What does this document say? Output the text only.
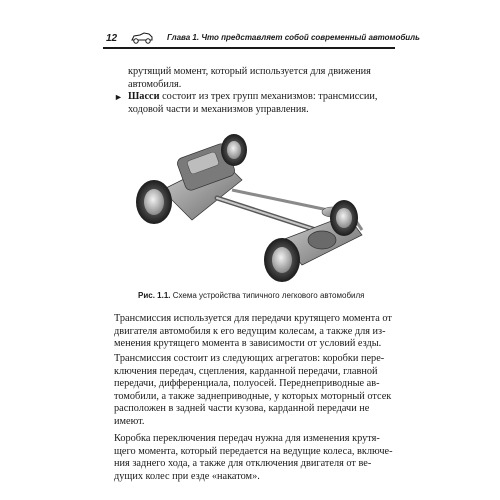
12	Глава 1. Что представляет собой современный автомобиль
крутящий момент, который используется для движения
автомобиля.
► Шасси состоит из трех групп механизмов: трансмиссии,
ходовой части и механизмов управления.
Рис. 1.1. Схема устройства типичного легкового автомобиля
Трансмиссия используется для передачи крутящего момента от
двигателя автомобиля к его ведущим колесам, а также для из-
менения крутящего момента в зависимости от условий езды.
Трансмиссия состоит из следующих агрегатов: коробки пере-
ключения передач, сцепления, карданной передачи, главной
передачи, дифференциала, полуосей. Переднеприводные ав-
томобили, а также заднеприводные, у которых моторный отсек
расположен в задней части кузова, карданной передачи не
имеют.
Коробка переключения передач нужна для изменения крутя-
щего момента, который передается на ведущие колеса, включе-
ния заднего хода, а также для отключения двигателя от ве-
дущих колес при езде «накатом».
